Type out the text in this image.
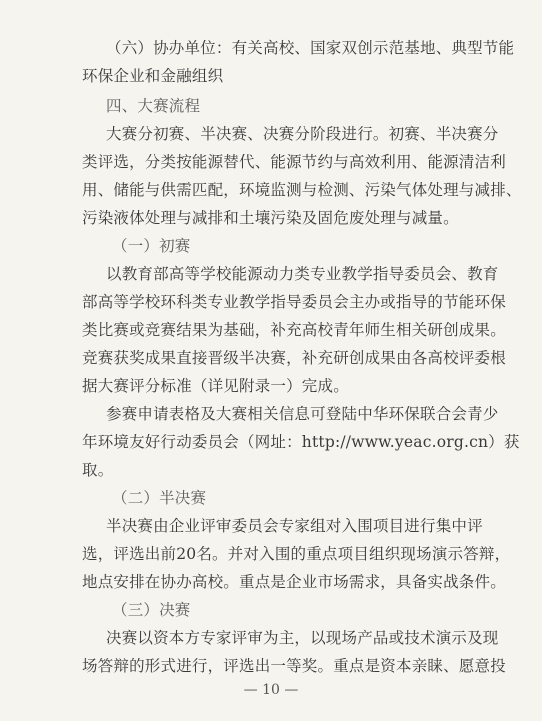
（六）协办单位：有关高校、国家双创示范基地、典型节能
环保企业和金融组织
四、大赛流程
大赛分初赛、半决赛、决赛分阶段进行。初赛、半决赛分
类评选，分类按能源替代、能源节约与高效利用、能源清洁利
用、储能与供需匹配，环境监测与检测、污染气体处理与减排、
污染液体处理与减排和土壤污染及固危废处理与减量。
（一）初赛
以教育部高等学校能源动力类专业教学指导委员会、教育
部高等学校环科类专业教学指导委员会主办或指导的节能环保
类比赛或竞赛结果为基础，补充高校青年师生相关研创成果。
竞赛获奖成果直接晋级半决赛，补充研创成果由各高校评委根
据大赛评分标准（详见附录一）完成。
参赛申请表格及大赛相关信息可登陆中华环保联合会青少
年环境友好行动委员会（网址：http://www.yeac.org.cn）获
取。
（二）半决赛
半决赛由企业评审委员会专家组对入围项目进行集中评
选，评选出前20名。并对入围的重点项目组织现场演示答辩，
地点安排在协办高校。重点是企业市场需求，具备实战条件。
（三）决赛
决赛以资本方专家评审为主，以现场产品或技术演示及现
场答辩的形式进行，评选出一等奖。重点是资本亲睐、愿意投
— 10 —
